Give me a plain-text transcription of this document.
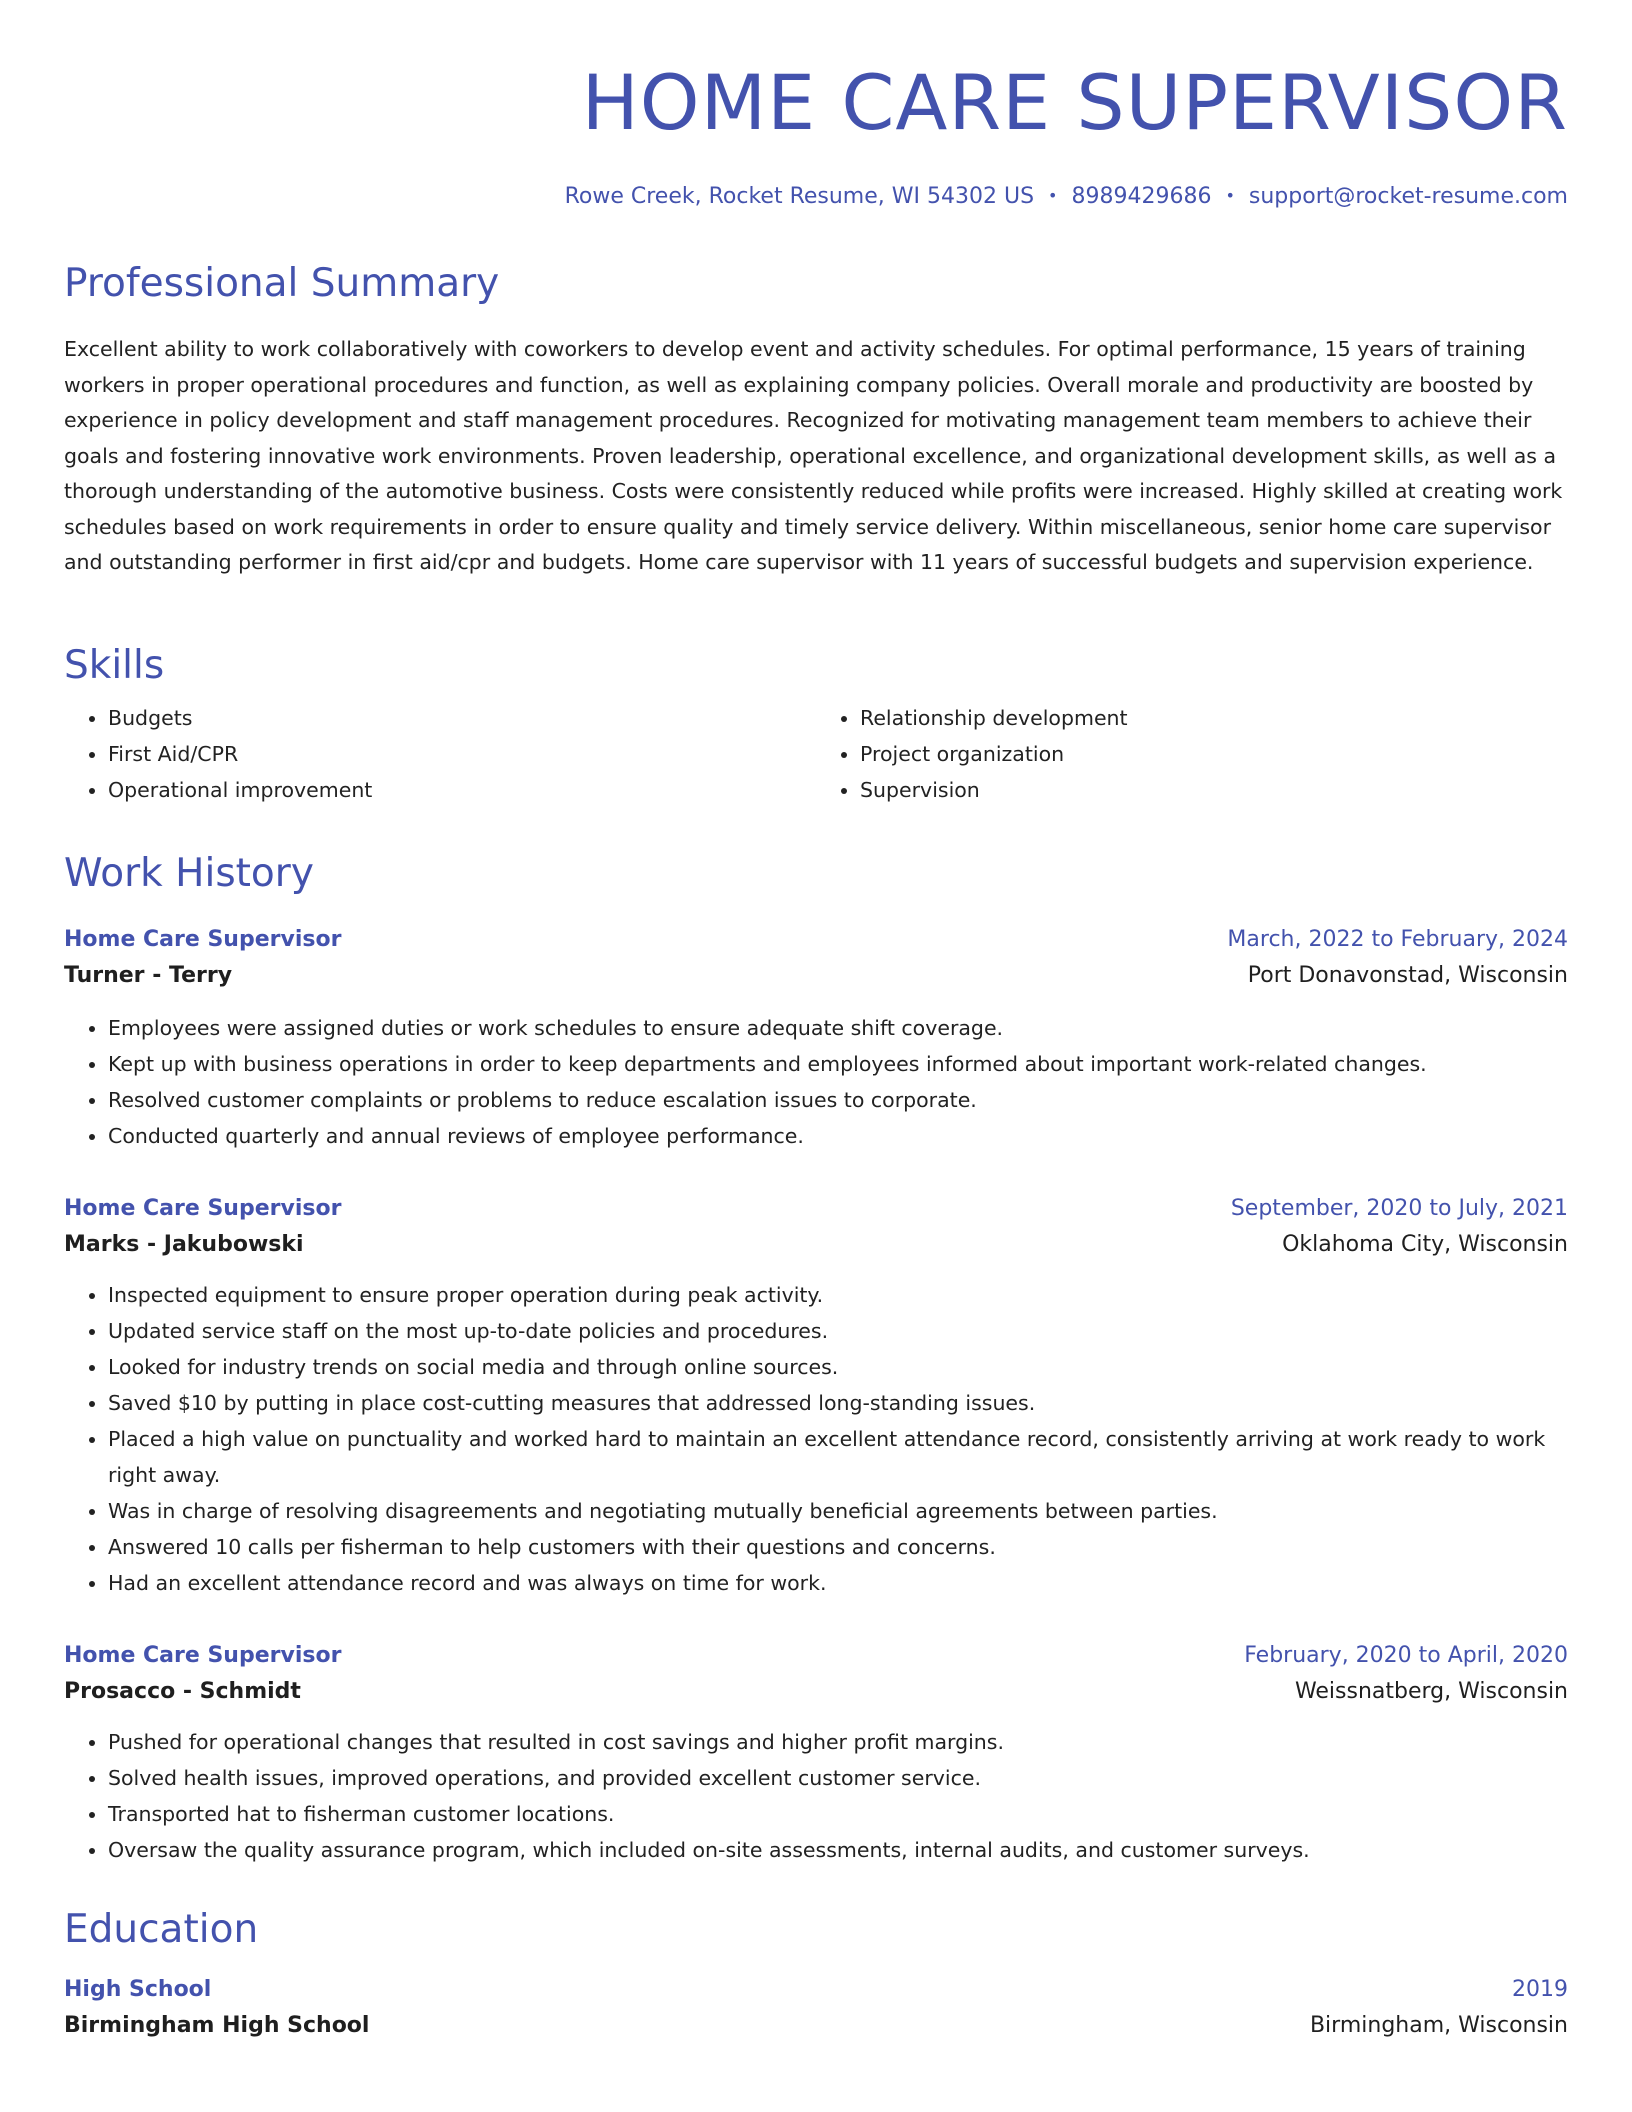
HOME CARE SUPERVISOR
Rowe Creek, Rocket Resume, WI 54302 US • 8989429686 • support@rocket-resume.com
Professional Summary

Excellent ability to work collaboratively with coworkers to develop event and activity schedules. For optimal performance, 15 years of training workers in proper operational procedures and function, as well as explaining company policies. Overall morale and productivity are boosted by experience in policy development and staff management procedures. Recognized for motivating management team members to achieve their goals and fostering innovative work environments. Proven leadership, operational excellence, and organizational development skills, as well as a thorough understanding of the automotive business. Costs were consistently reduced while profits were increased. Highly skilled at creating work schedules based on work requirements in order to ensure quality and timely service delivery. Within miscellaneous, senior home care supervisor and outstanding performer in first aid/cpr and budgets. Home care supervisor with 11 years of successful budgets and supervision experience.

Skills
• Budgets
• First Aid/CPR
• Operational improvement
• Relationship development
• Project organization
• Supervision
Work History
Home Care Supervisor	March, 2022 to February, 2024
Turner - Terry	Port Donavonstad, Wisconsin
• Employees were assigned duties or work schedules to ensure adequate shift coverage.
• Kept up with business operations in order to keep departments and employees informed about important work-related changes.
• Resolved customer complaints or problems to reduce escalation issues to corporate.
• Conducted quarterly and annual reviews of employee performance.
Home Care Supervisor	September, 2020 to July, 2021
Marks - Jakubowski	Oklahoma City, Wisconsin
• Inspected equipment to ensure proper operation during peak activity.
• Updated service staff on the most up-to-date policies and procedures.
• Looked for industry trends on social media and through online sources.
• Saved $10 by putting in place cost-cutting measures that addressed long-standing issues.
• Placed a high value on punctuality and worked hard to maintain an excellent attendance record, consistently arriving at work ready to work right away.
• Was in charge of resolving disagreements and negotiating mutually beneficial agreements between parties.
• Answered 10 calls per fisherman to help customers with their questions and concerns.
• Had an excellent attendance record and was always on time for work.
Home Care Supervisor	February, 2020 to April, 2020
Prosacco - Schmidt	Weissnatberg, Wisconsin
• Pushed for operational changes that resulted in cost savings and higher profit margins.
• Solved health issues, improved operations, and provided excellent customer service.
• Transported hat to fisherman customer locations.
• Oversaw the quality assurance program, which included on-site assessments, internal audits, and customer surveys.
Education
High School	2019
Birmingham High School	Birmingham, Wisconsin
